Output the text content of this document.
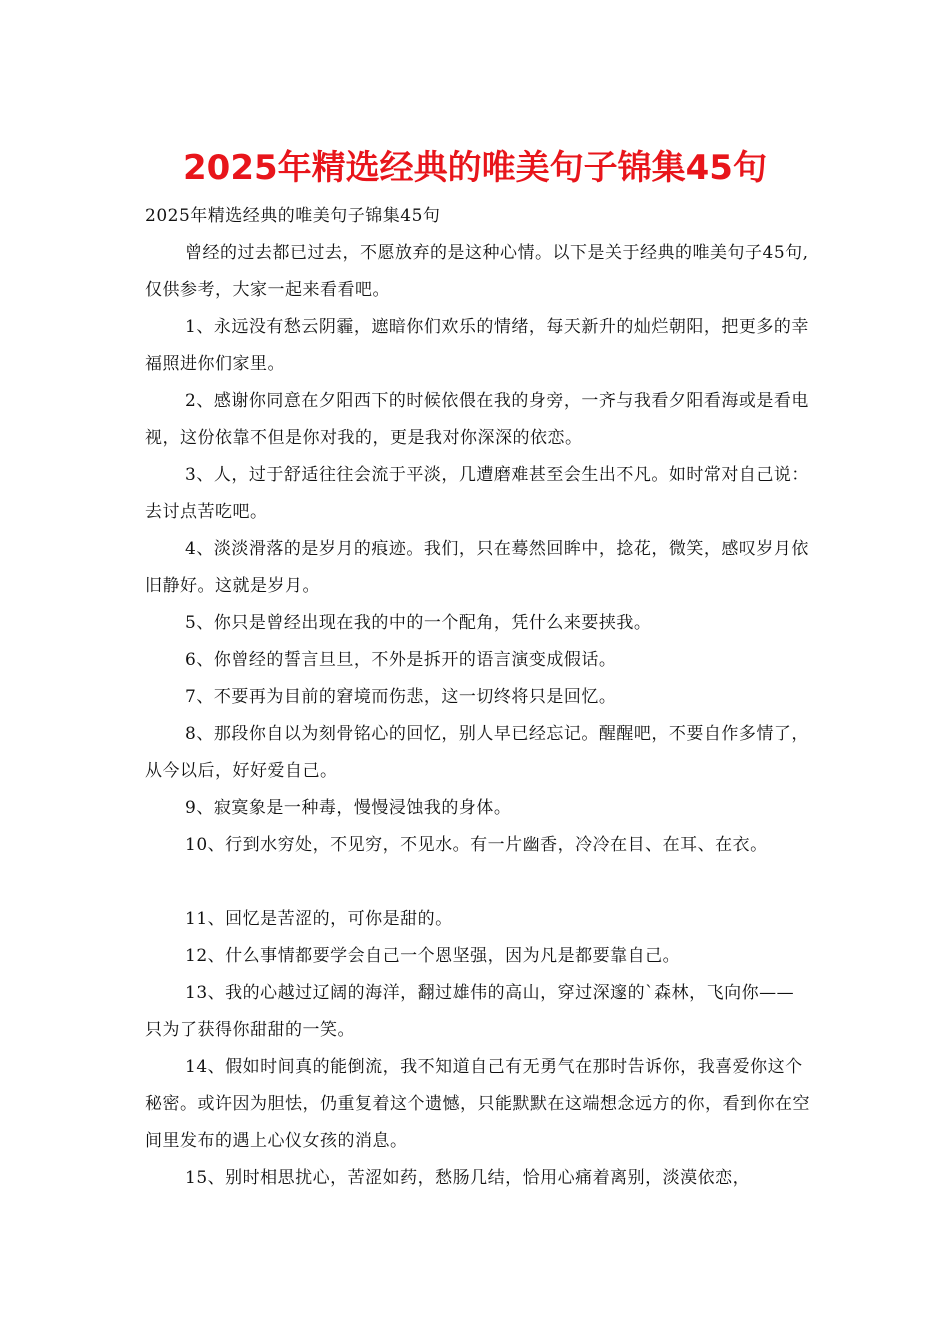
2025年精选经典的唯美句子锦集45句

2025年精选经典的唯美句子锦集45句

曾经的过去都已过去，不愿放弃的是这种心情。以下是关于经典的唯美句子45句,仅供参考，大家一起来看看吧。

1、永远没有愁云阴霾，遮暗你们欢乐的情绪，每天新升的灿烂朝阳，把更多的幸福照进你们家里。

2、感谢你同意在夕阳西下的时候依偎在我的身旁，一齐与我看夕阳看海或是看电视，这份依靠不但是你对我的，更是我对你深深的依恋。

3、人，过于舒适往往会流于平淡，几遭磨难甚至会生出不凡。如时常对自己说：去讨点苦吃吧。

4、淡淡滑落的是岁月的痕迹。我们，只在蓦然回眸中，捻花，微笑，感叹岁月依旧静好。这就是岁月。

5、你只是曾经出现在我的中的一个配角，凭什么来要挟我。

6、你曾经的誓言旦旦，不外是拆开的语言演变成假话。

7、不要再为目前的窘境而伤悲，这一切终将只是回忆。

8、那段你自以为刻骨铭心的回忆，别人早已经忘记。醒醒吧，不要自作多情了，从今以后，好好爱自己。

9、寂寞象是一种毒，慢慢浸蚀我的身体。

10、行到水穷处，不见穷，不见水。有一片幽香，冷冷在目、在耳、在衣。

11、回忆是苦涩的，可你是甜的。

12、什么事情都要学会自己一个恩坚强，因为凡是都要靠自己。

13、我的心越过辽阔的海洋，翻过雄伟的高山，穿过深邃的`森林，飞向你——只为了获得你甜甜的一笑。

14、假如时间真的能倒流，我不知道自己有无勇气在那时告诉你，我喜爱你这个秘密。或许因为胆怯，仍重复着这个遗憾，只能默默在这端想念远方的你，看到你在空间里发布的遇上心仪女孩的消息。

15、别时相思扰心，苦涩如药，愁肠几结，恰用心痛着离别，淡漠依恋，
